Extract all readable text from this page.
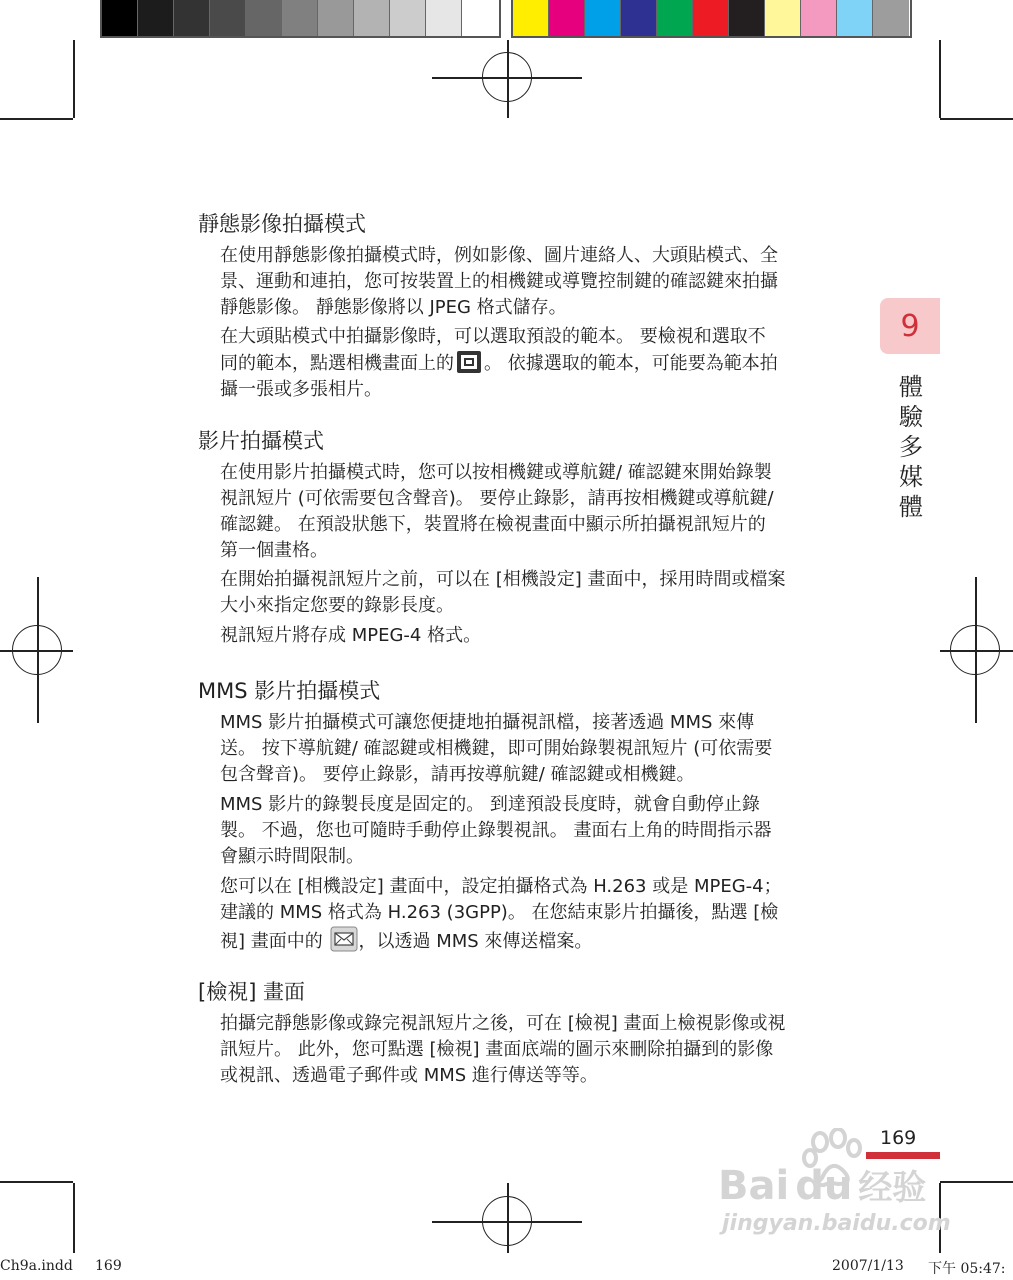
靜態影像拍攝模式
在使用靜態影像拍攝模式時，例如影像、圖片連絡人、大頭貼模式、全
景、運動和連拍，您可按裝置上的相機鍵或導覽控制鍵的確認鍵來拍攝
靜態影像。 靜態影像將以 JPEG 格式儲存。
在大頭貼模式中拍攝影像時，可以選取預設的範本。 要檢視和選取不
同的範本，點選相機畫面上的 。 依據選取的範本，可能要為範本拍
攝一張或多張相片。
影片拍攝模式
在使用影片拍攝模式時，您可以按相機鍵或導航鍵/ 確認鍵來開始錄製
視訊短片 (可依需要包含聲音)。 要停止錄影，請再按相機鍵或導航鍵/
確認鍵。 在預設狀態下，裝置將在檢視畫面中顯示所拍攝視訊短片的
第一個畫格。
在開始拍攝視訊短片之前，可以在 [相機設定] 畫面中，採用時間或檔案
大小來指定您要的錄影長度。
視訊短片將存成 MPEG-4 格式。
MMS 影片拍攝模式
MMS 影片拍攝模式可讓您便捷地拍攝視訊檔，接著透過 MMS 來傳
送。 按下導航鍵/ 確認鍵或相機鍵，即可開始錄製視訊短片 (可依需要
包含聲音)。 要停止錄影，請再按導航鍵/ 確認鍵或相機鍵。
MMS 影片的錄製長度是固定的。 到達預設長度時，就會自動停止錄
製。 不過，您也可隨時手動停止錄製視訊。 畫面右上角的時間指示器
會顯示時間限制。
您可以在 [相機設定] 畫面中，設定拍攝格式為 H.263 或是 MPEG-4；
建議的 MMS 格式為 H.263 (3GPP)。 在您結束影片拍攝後，點選 [檢
視] 畫面中的 ，以透過 MMS 來傳送檔案。
[檢視] 畫面
拍攝完靜態影像或錄完視訊短片之後，可在 [檢視] 畫面上檢視影像或視
訊短片。 此外，您可點選 [檢視] 畫面底端的圖示來刪除拍攝到的影像
或視訊、透過電子郵件或 MMS 進行傳送等等。
9
體
驗
多
媒
體
169
Bai du 经验
jingyan.baidu.com
Ch9a.indd 169	2007/1/13 下午 05:47:
